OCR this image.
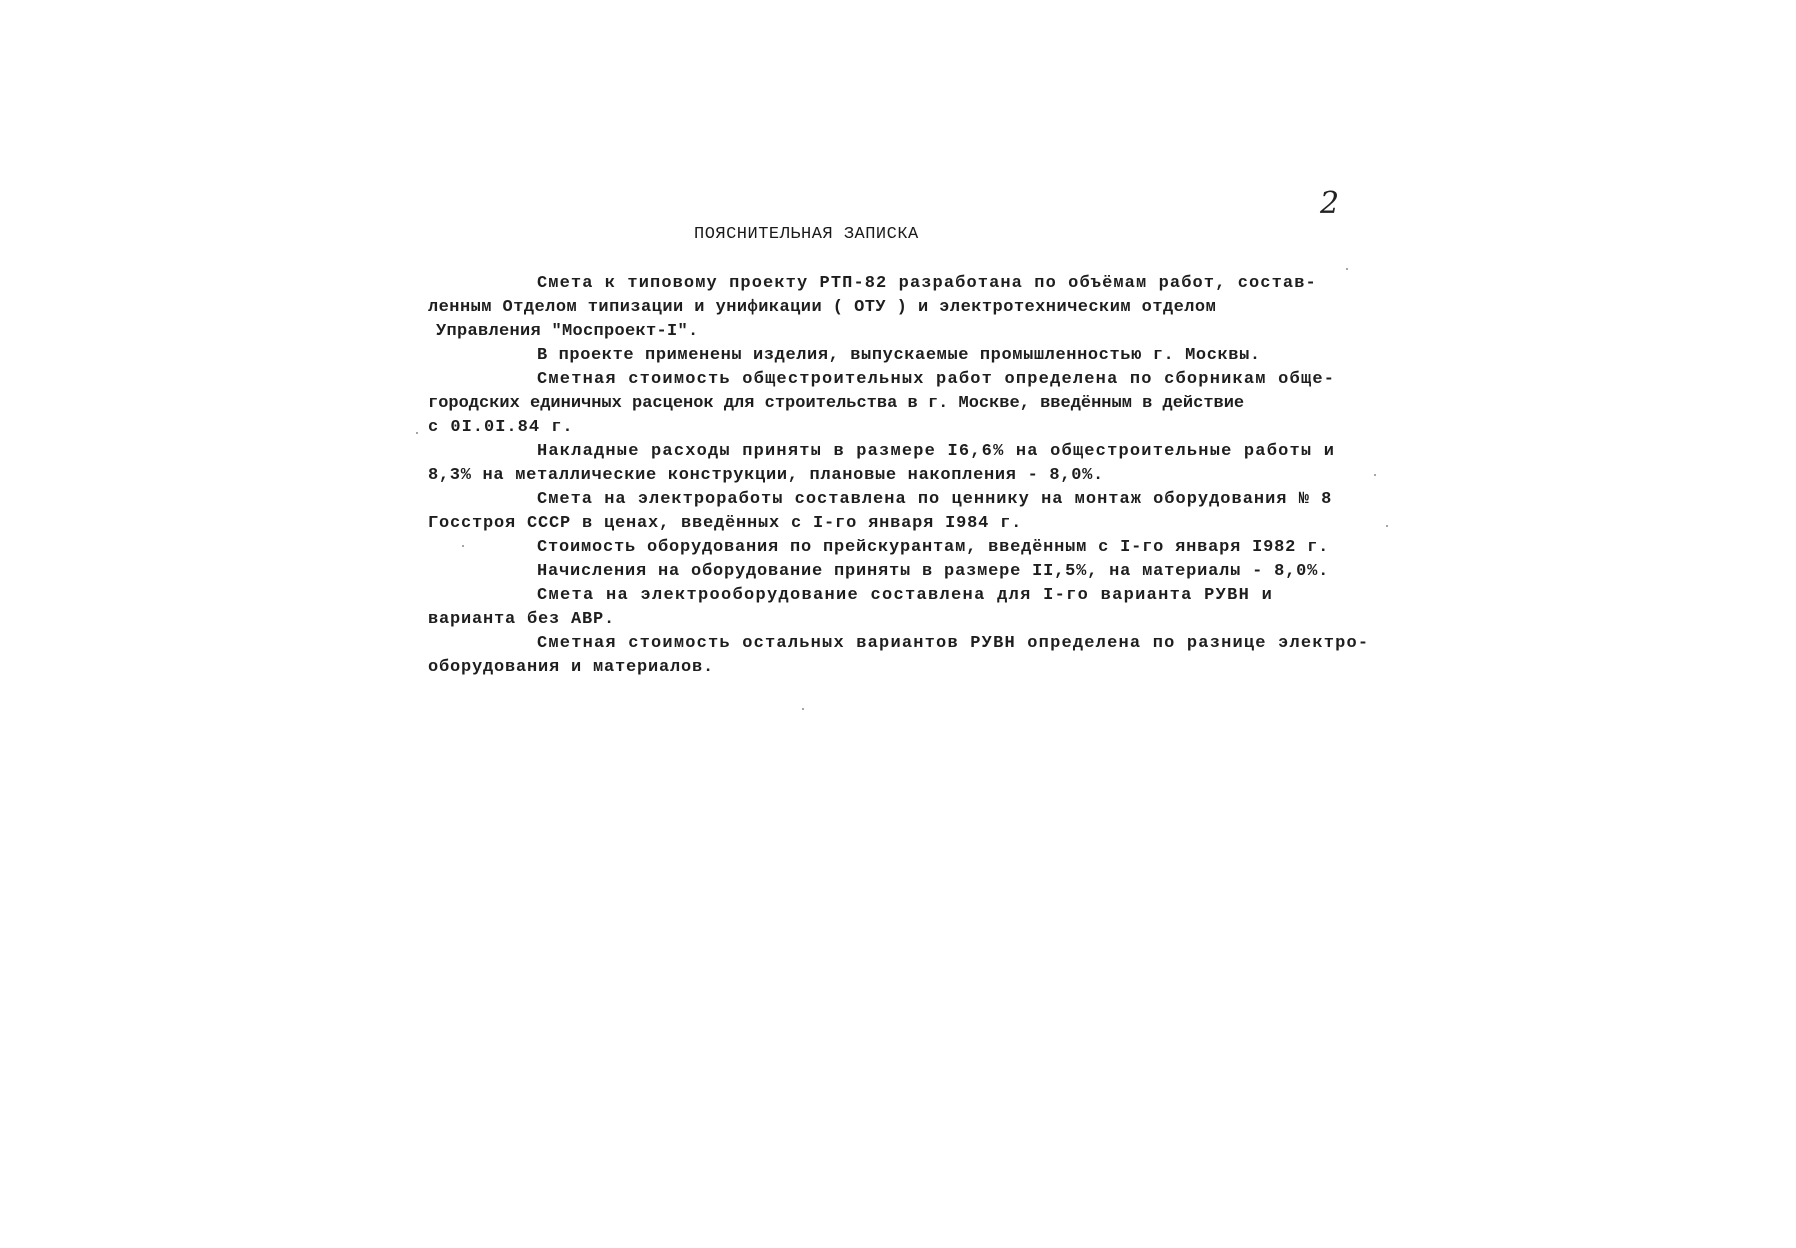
2
ПОЯСНИТЕЛЬНАЯ ЗАПИСКА
Смета к типовому проекту РТП-82 разработана по объёмам работ, состав-
ленным Отделом типизации и унификации ( ОТУ ) и электротехническим отделом
Управления "Моспроект-I".
В проекте применены изделия, выпускаемые промышленностью г. Москвы.
Сметная стоимость общестроительных работ определена по сборникам обще-
городских единичных расценок для строительства в г. Москве, введённым в действие
с 0I.0I.84 г.
Накладные расходы приняты в размере I6,6% на общестроительные работы и
8,3% на металлические конструкции, плановые накопления - 8,0%.
Смета на электроработы составлена по ценнику на монтаж оборудования № 8
Госстроя СССР в ценах, введённых с I-го января I984 г.
Стоимость оборудования по прейскурантам, введённым с I-го января I982 г.
Начисления на оборудование приняты в размере II,5%, на материалы - 8,0%.
Смета на электрооборудование составлена для I-го варианта РУВН и
варианта без АВР.
Сметная стоимость остальных вариантов РУВН определена по разнице электро-
оборудования и материалов.
